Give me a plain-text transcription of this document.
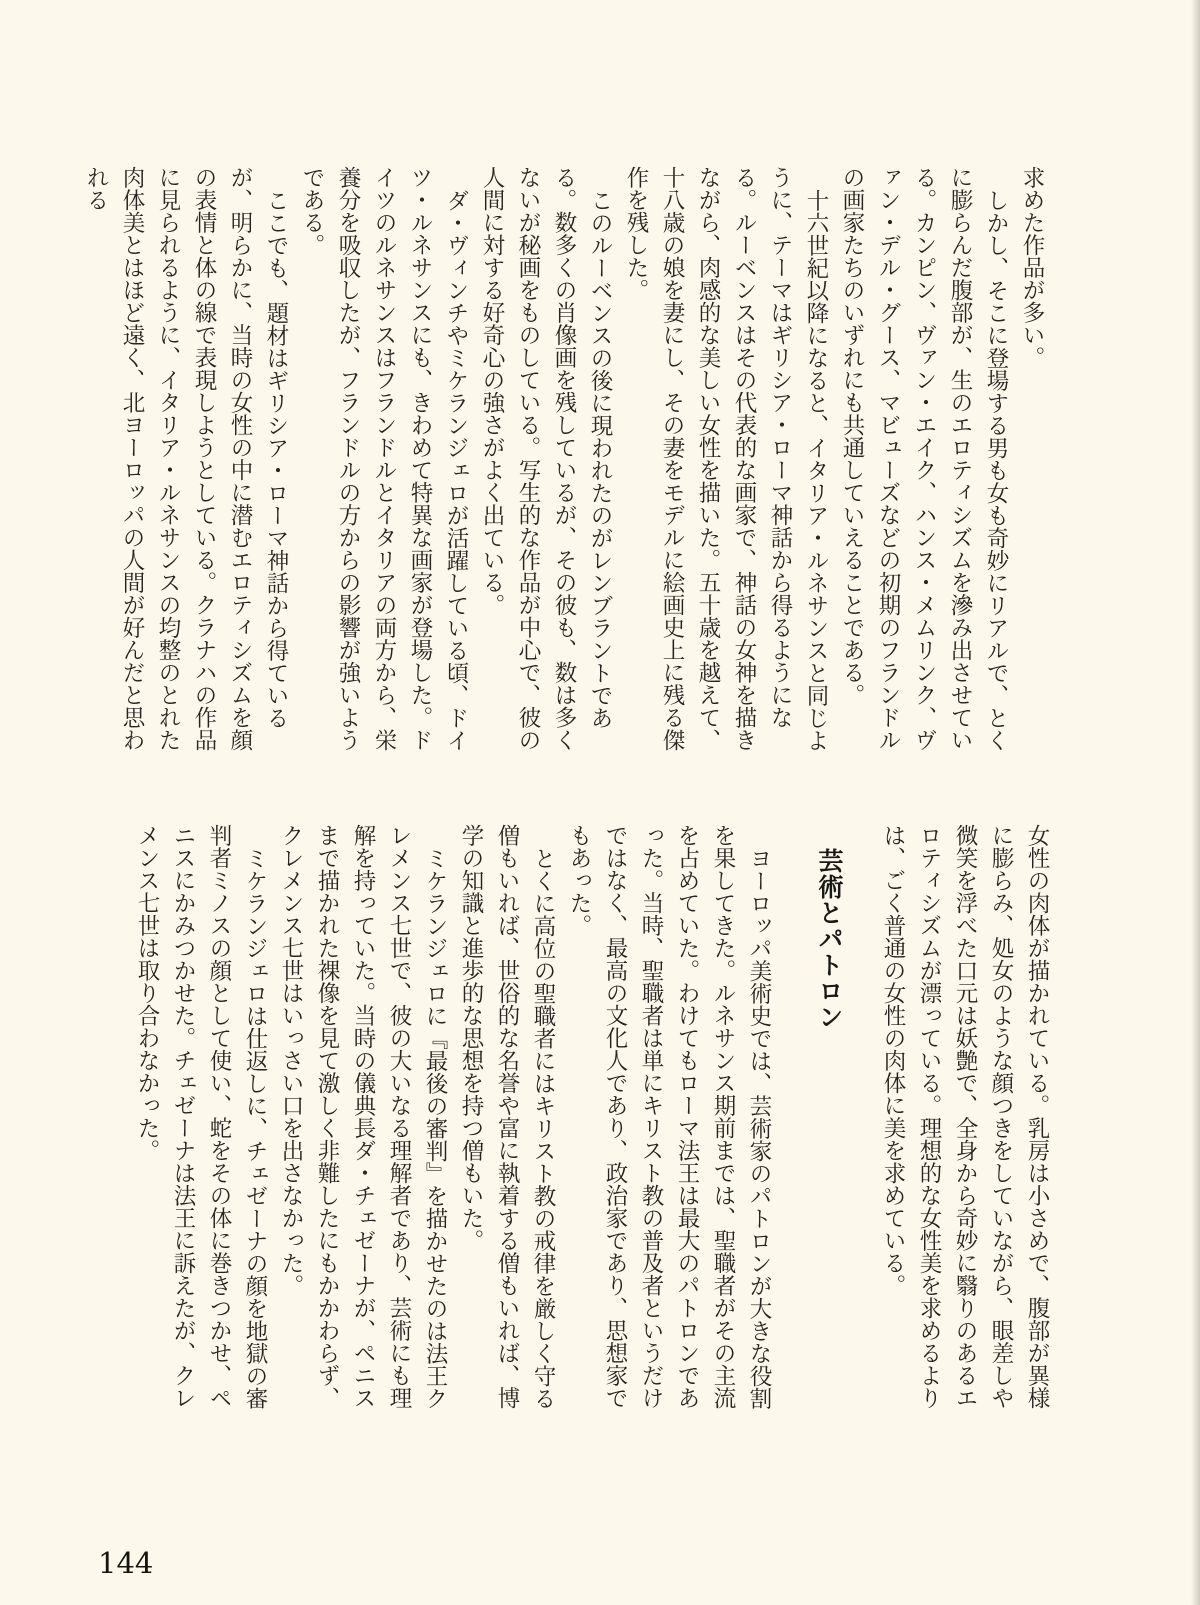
求めた作品が多い。

しかし、そこに登場する男も女も奇妙にリアルで、とくに膨らんだ腹部が、生のエロティシズムを滲み出させている。カンピン、ヴァン・エイク、ハンス・メムリンク、ヴァン・デル・グース、マビューズなどの初期のフランドルの画家たちのいずれにも共通していえることである。

十六世紀以降になると、イタリア・ルネサンスと同じように、テーマはギリシア・ローマ神話から得るようになる。ルーベンスはその代表的な画家で、神話の女神を描きながら、肉感的な美しい女性を描いた。五十歳を越えて、十八歳の娘を妻にし、その妻をモデルに絵画史上に残る傑作を残した。

このルーベンスの後に現われたのがレンブラントである。数多くの肖像画を残しているが、その彼も、数は多くないが秘画をものしている。写生的な作品が中心で、彼の人間に対する好奇心の強さがよく出ている。

ダ・ヴィンチやミケランジェロが活躍している頃、ドイツ・ルネサンスにも、きわめて特異な画家が登場した。ドイツのルネサンスはフランドルとイタリアの両方から、栄養分を吸収したが、フランドルの方からの影響が強いようである。

ここでも、題材はギリシア・ローマ神話から得ているが、明らかに、当時の女性の中に潜むエロティシズムを顔の表情と体の線で表現しようとしている。クラナハの作品に見られるように、イタリア・ルネサンスの均整のとれた肉体美とはほど遠く、北ヨーロッパの人間が好んだと思われる

女性の肉体が描かれている。乳房は小さめで、腹部が異様に膨らみ、処女のような顔つきをしていながら、眼差しや微笑を浮べた口元は妖艶で、全身から奇妙に翳りのあるエロティシズムが漂っている。理想的な女性美を求めるよりは、ごく普通の女性の肉体に美を求めている。

芸術とパトロン

ヨーロッパ美術史では、芸術家のパトロンが大きな役割を果してきた。ルネサンス期前までは、聖職者がその主流を占めていた。わけてもローマ法王は最大のパトロンであった。当時、聖職者は単にキリスト教の普及者というだけではなく、最高の文化人であり、政治家であり、思想家でもあった。

とくに高位の聖職者にはキリスト教の戒律を厳しく守る僧もいれば、世俗的な名誉や富に執着する僧もいれば、博学の知識と進歩的な思想を持つ僧もいた。

ミケランジェロに『最後の審判』を描かせたのは法王クレメンス七世で、彼の大いなる理解者であり、芸術にも理解を持っていた。当時の儀典長ダ・チェゼーナが、ペニスまで描かれた裸像を見て激しく非難したにもかかわらず、クレメンス七世はいっさい口を出さなかった。

ミケランジェロは仕返しに、チェゼーナの顔を地獄の審判者ミノスの顔として使い、蛇をその体に巻きつかせ、ペニスにかみつかせた。チェゼーナは法王に訴えたが、クレメンス七世は取り合わなかった。

144
